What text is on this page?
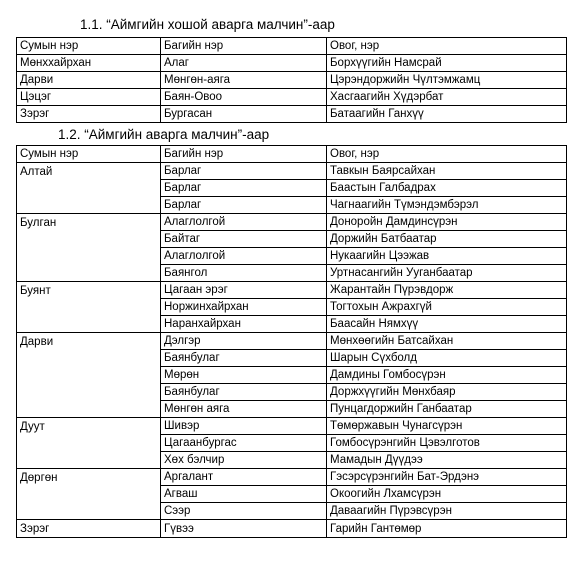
1.1. “Аймгийн хошой аварга малчин”-аар
Сумын нэр	Багийн нэр	Овог, нэр
Мөнххайрхан	Алаг	Борхүүгийн Намсрай
Дарви	Мөнгөн-аяга	Цэрэндоржийн Чүлтэмжамц
Цэцэг	Баян-Овоо	Хасгаагийн Хүдэрбат
Зэрэг	Бургасан	Батаагийн Ганхүү
1.2. “Аймгийн аварга малчин”-аар
Сумын нэр	Багийн нэр	Овог, нэр
Алтай	Барлаг	Тавкын Баярсайхан
	Барлаг	Баастын Галбадрах
	Барлаг	Чагнаагийн Түмэндэмбэрэл
Булган	Алаглолгой	Доноройн Дамдинсүрэн
	Байтаг	Доржийн Батбаатар
	Алаглолгой	Нукаагийн Цээжав
	Баянгол	Уртнасангийн Ууганбаатар
Буянт	Цагаан эрэг	Жарантайн Пүрэвдорж
	Норжинхайрхан	Тогтохын Ажрахгүй
	Наранхайрхан	Баасайн Нямхүү
Дарви	Дэлгэр	Мөнхөөгийн Батсайхан
	Баянбулаг	Шарын Сүхболд
	Мөрөн	Дамдины Гомбосүрэн
	Баянбулаг	Доржхүүгийн Мөнхбаяр
	Мөнгөн аяга	Пунцагдоржийн Ганбаатар
Дуут	Шивэр	Төмөржавын Чунагсүрэн
	Цагаанбургас	Гомбосүрэнгийн Цэвэлготов
	Хөх бэлчир	Мамадын Дүүдээ
Дөргөн	Аргалант	Гэсэрсүрэнгийн Бат-Эрдэнэ
	Агваш	Окоогийн Лхамсүрэн
	Сээр	Даваагийн Пүрэвсүрэн
Зэрэг	Гүвээ	Гарийн Гантөмөр
